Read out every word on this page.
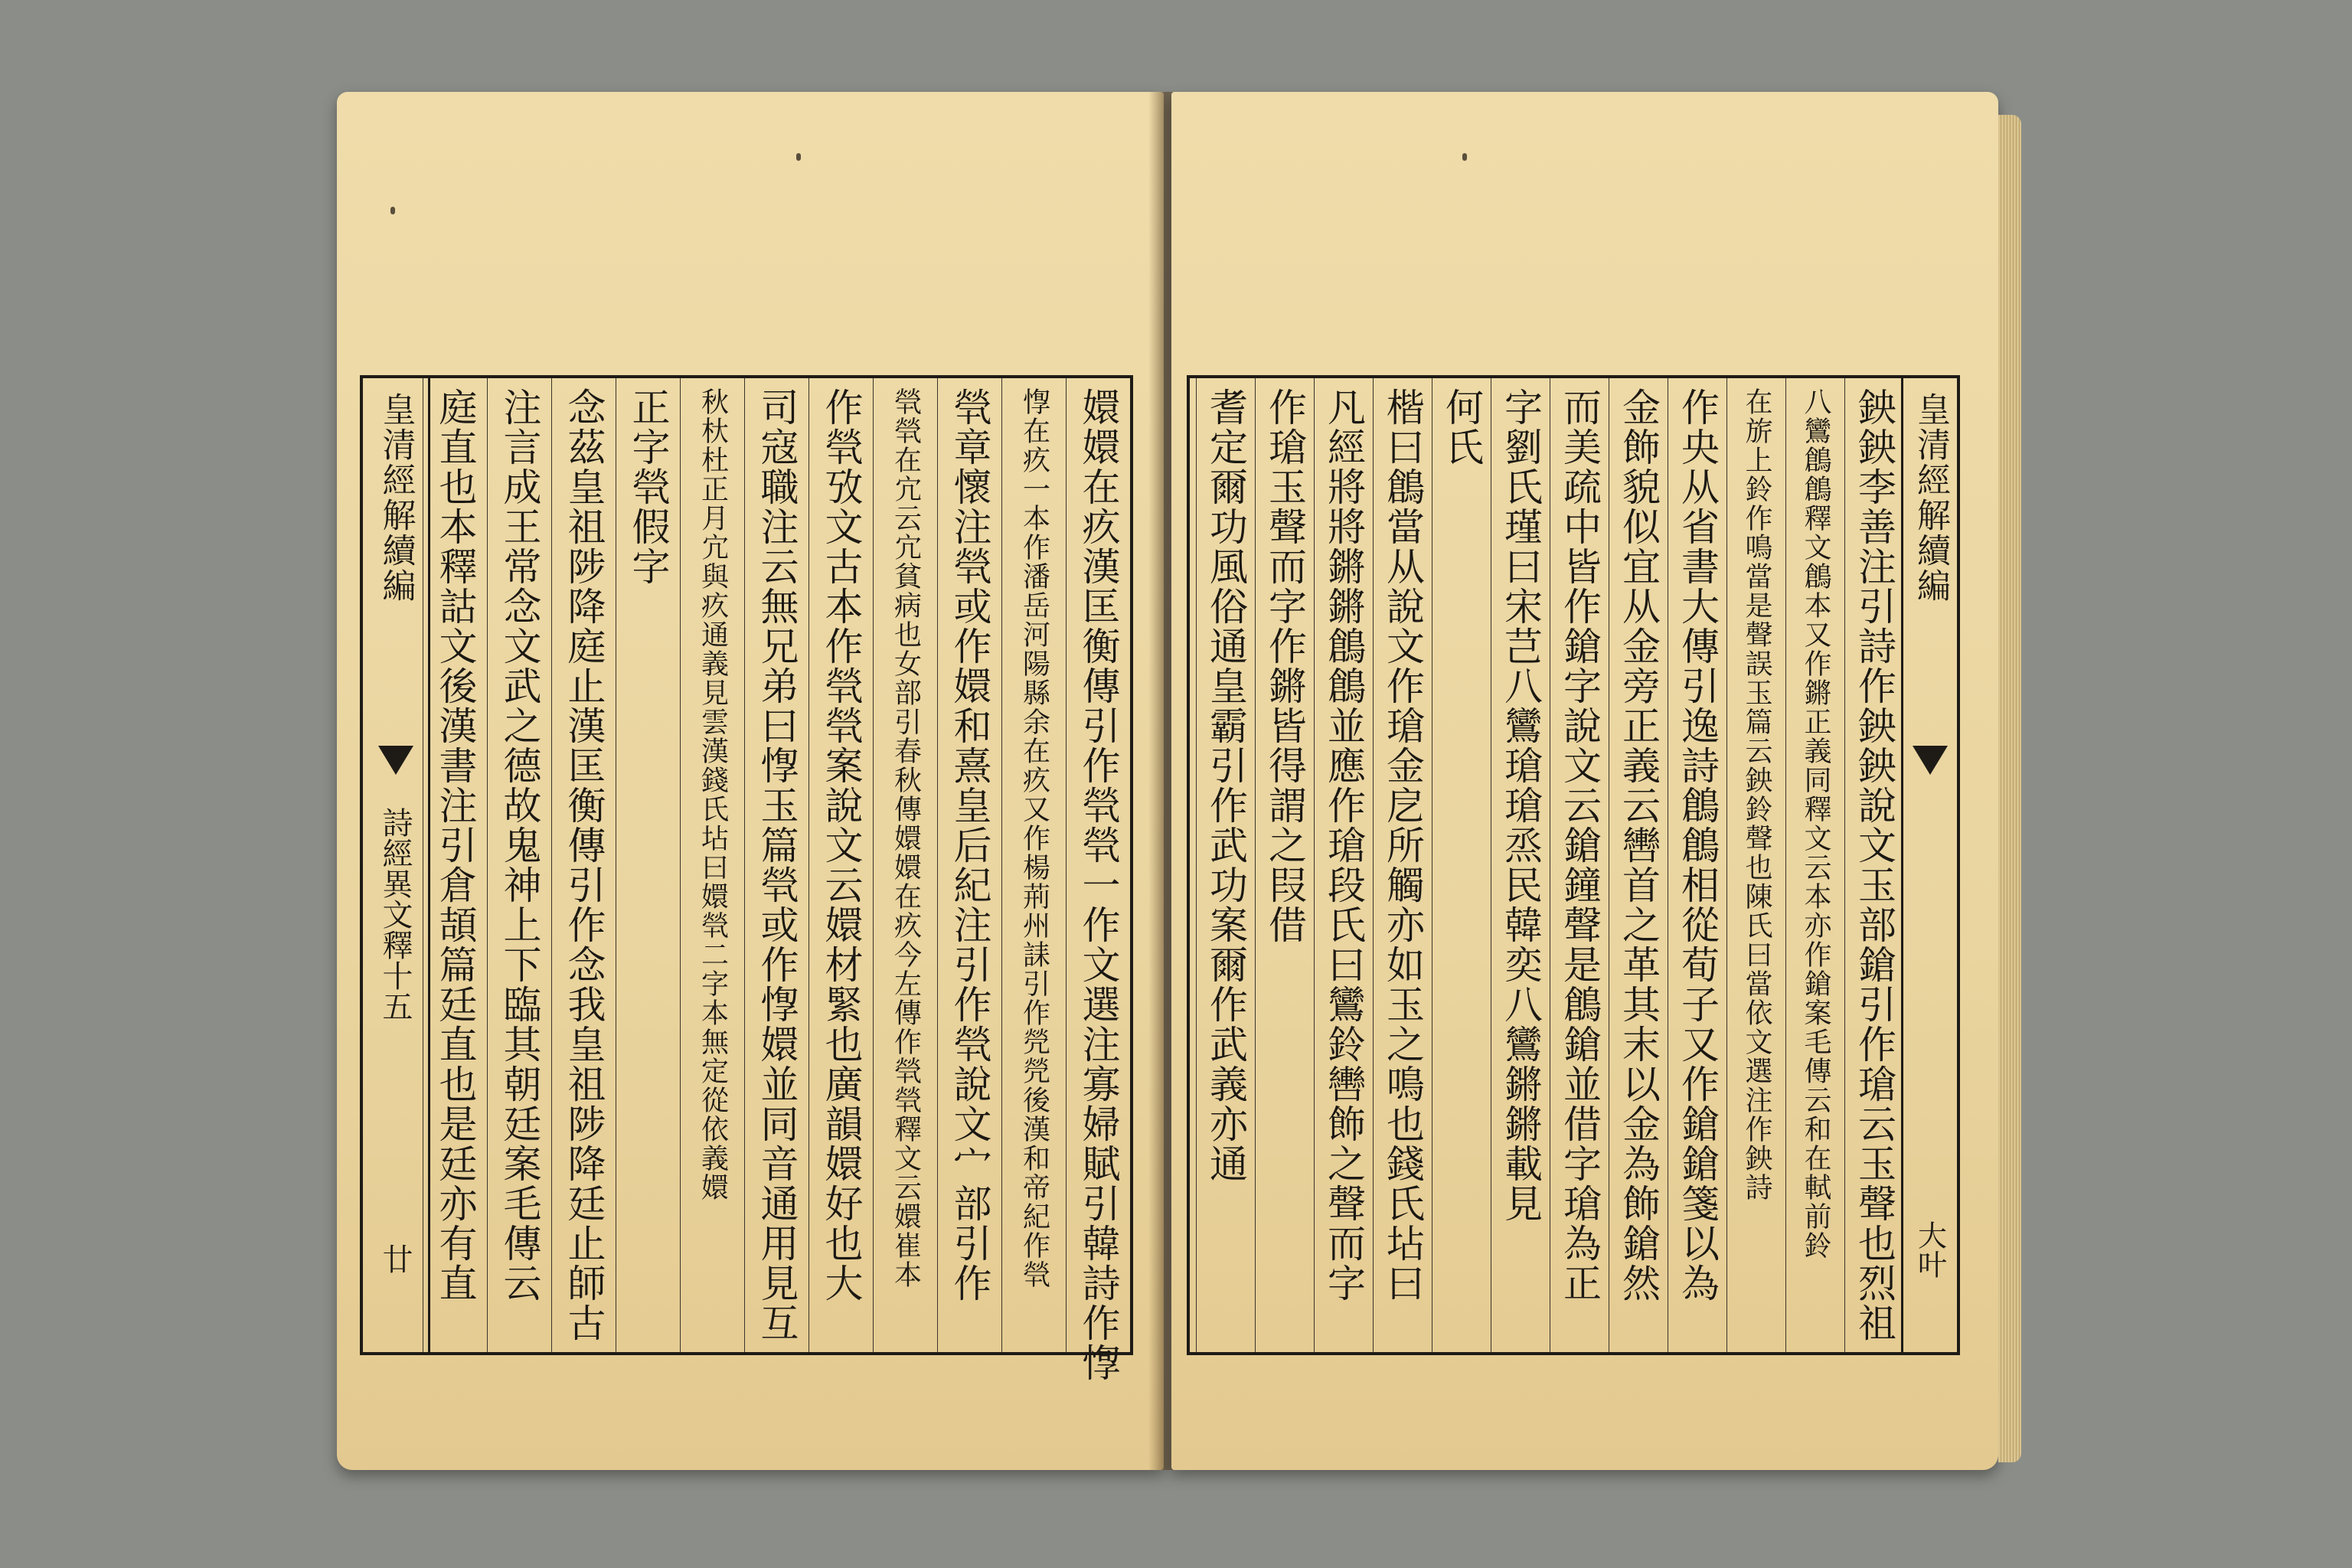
皇清經解續編
詩經異文釋十五
廿	嬛嬛在疚漢匡衡傳引作煢煢一作文選注寡婦賦引韓詩作惸
惸在疚一本作潘岳河陽縣余在疚又作楊荊州誄引作焭焭後漢和帝紀作煢
煢章懷注煢或作嬛和熹皇后紀注引作煢說文宀部引作
煢煢在宂云宂貧病也女部引春秋傳嬛嬛在疚今左傳作煢煢釋文云嬛崔本
作煢攷文古本作煢煢案說文云嬛材緊也廣韻嬛好也大
司寇職注云無兄弟曰惸玉篇煢或作惸嬛並同音通用見互
秋杕杜正月宂與疚通義見雲漢錢氏坫曰嬛煢二字本無定從依義嬛
正字煢假字
念茲皇祖陟降庭止漢匡衡傳引作念我皇祖陟降廷止師古
注言成王常念文武之德故鬼神上下臨其朝廷案毛傳云
庭直也本釋詁文後漢書注引倉頡篇廷直也是廷亦有直	皇清經解續編
大叶
鉠鉠李善注引詩作鉠鉠說文玉部鎗引作瑲云玉聲也烈祖
八鸞鶬鶬釋文鶬本又作鏘正義同釋文云本亦作鎗案毛傳云和在軾前鈴
在旂上鈴作鳴當是聲誤玉篇云鉠鈴聲也陳氏曰當依文選注作鉠詩
作央从省書大傳引逸詩鶬鶬相從荀子又作鎗鎗箋以為
金飾貌似宜从金旁正義云轡首之革其末以金為飾鎗然
而美疏中皆作鎗字說文云鎗鐘聲是鶬鎗並借字瑲為正
字劉氏瑾曰宋芑八鸞瑲瑲烝民韓奕八鸞鏘鏘載見
何氏
楷曰鶬當从說文作瑲金戹所觸亦如玉之鳴也錢氏坫曰
凡經將將鏘鏘鶬鶬並應作瑲段氏曰鸞鈴轡飾之聲而字
作瑲玉聲而字作鏘皆得謂之叚借
耆定爾功風俗通皇霸引作武功案爾作武義亦通
